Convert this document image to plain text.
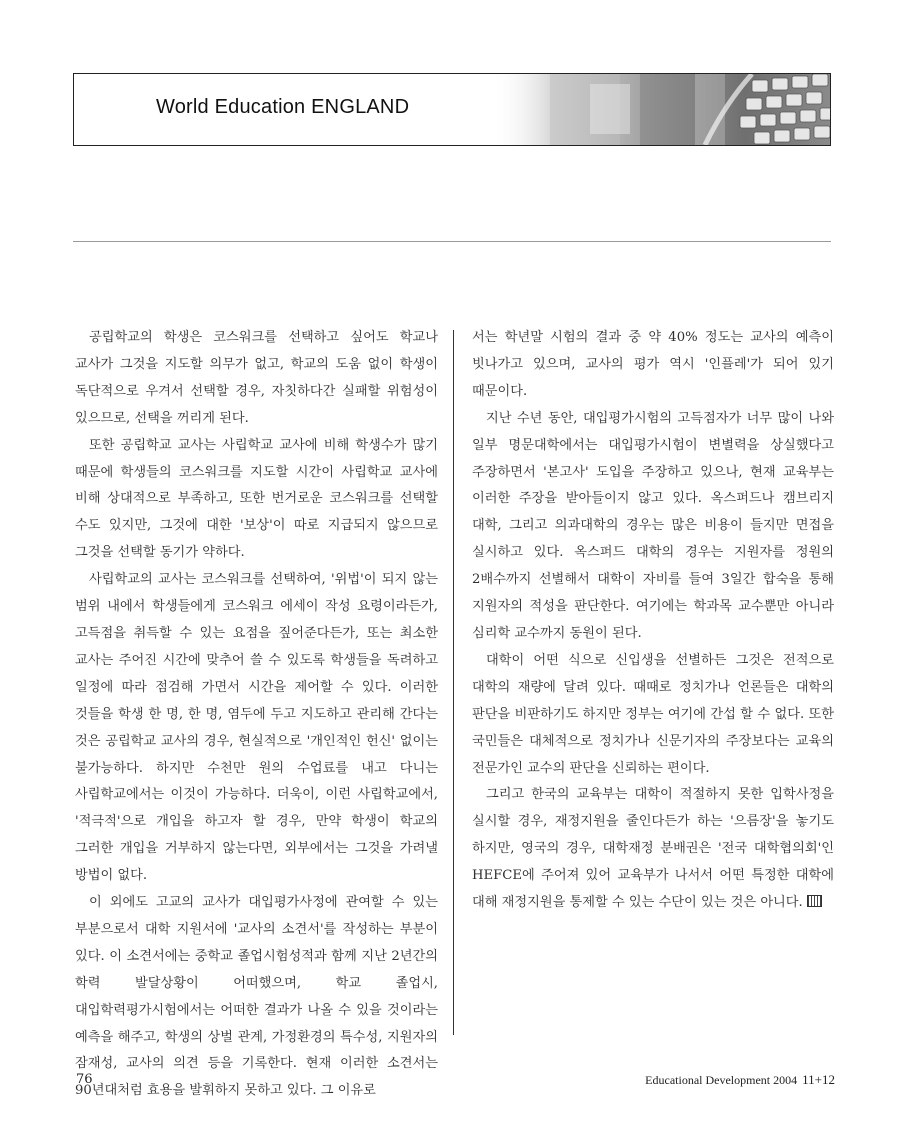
World Education ENGLAND

공립학교의 학생은 코스워크를 선택하고 싶어도 학교나 교사가 그것을 지도할 의무가 없고, 학교의 도움 없이 학생이 독단적으로 우겨서 선택할 경우, 자칫하다간 실패할 위험성이 있으므로, 선택을 꺼리게 된다.

또한 공립학교 교사는 사립학교 교사에 비해 학생수가 많기 때문에 학생들의 코스워크를 지도할 시간이 사립학교 교사에 비해 상대적으로 부족하고, 또한 번거로운 코스워크를 선택할 수도 있지만, 그것에 대한 '보상'이 따로 지급되지 않으므로 그것을 선택할 동기가 약하다.

사립학교의 교사는 코스워크를 선택하여, '위법'이 되지 않는 범위 내에서 학생들에게 코스워크 에세이 작성 요령이라든가, 고득점을 취득할 수 있는 요점을 짚어준다든가, 또는 최소한 교사는 주어진 시간에 맞추어 쓸 수 있도록 학생들을 독려하고 일정에 따라 점검해 가면서 시간을 제어할 수 있다. 이러한 것들을 학생 한 명, 한 명, 염두에 두고 지도하고 관리해 간다는 것은 공립학교 교사의 경우, 현실적으로 '개인적인 헌신' 없이는 불가능하다. 하지만 수천만 원의 수업료를 내고 다니는 사립학교에서는 이것이 가능하다. 더욱이, 이런 사립학교에서, '적극적'으로 개입을 하고자 할 경우, 만약 학생이 학교의 그러한 개입을 거부하지 않는다면, 외부에서는 그것을 가려낼 방법이 없다.

이 외에도 고교의 교사가 대입평가사정에 관여할 수 있는 부분으로서 대학 지원서에 '교사의 소견서'를 작성하는 부분이 있다. 이 소견서에는 중학교 졸업시험성적과 함께 지난 2년간의 학력 발달상황이 어떠했으며, 학교 졸업시, 대입학력평가시험에서는 어떠한 결과가 나올 수 있을 것이라는 예측을 해주고, 학생의 상벌 관계, 가정환경의 특수성, 지원자의 잠재성, 교사의 의견 등을 기록한다. 현재 이러한 소견서는 90년대처럼 효용을 발휘하지 못하고 있다. 그 이유로

서는 학년말 시험의 결과 중 약 40% 정도는 교사의 예측이 빗나가고 있으며, 교사의 평가 역시 '인플레'가 되어 있기 때문이다.

지난 수년 동안, 대입평가시험의 고득점자가 너무 많이 나와 일부 명문대학에서는 대입평가시험이 변별력을 상실했다고 주장하면서 '본고사' 도입을 주장하고 있으나, 현재 교육부는 이러한 주장을 받아들이지 않고 있다. 옥스퍼드나 캠브리지 대학, 그리고 의과대학의 경우는 많은 비용이 들지만 면접을 실시하고 있다. 옥스퍼드 대학의 경우는 지원자를 정원의 2배수까지 선별해서 대학이 자비를 들여 3일간 합숙을 통해 지원자의 적성을 판단한다. 여기에는 학과목 교수뿐만 아니라 심리학 교수까지 동원이 된다.

대학이 어떤 식으로 신입생을 선별하든 그것은 전적으로 대학의 재량에 달려 있다. 때때로 정치가나 언론들은 대학의 판단을 비판하기도 하지만 정부는 여기에 간섭 할 수 없다. 또한 국민들은 대체적으로 정치가나 신문기자의 주장보다는 교육의 전문가인 교수의 판단을 신뢰하는 편이다.

그리고 한국의 교육부는 대학이 적절하지 못한 입학사정을 실시할 경우, 재정지원을 줄인다든가 하는 '으름장'을 놓기도 하지만, 영국의 경우, 대학재정 분배권은 '전국 대학협의회'인 HEFCE에 주어져 있어 교육부가 나서서 어떤 특정한 대학에 대해 재정지원을 통제할 수 있는 수단이 있는 것은 아니다.

76	Educational Development 2004 11+12
